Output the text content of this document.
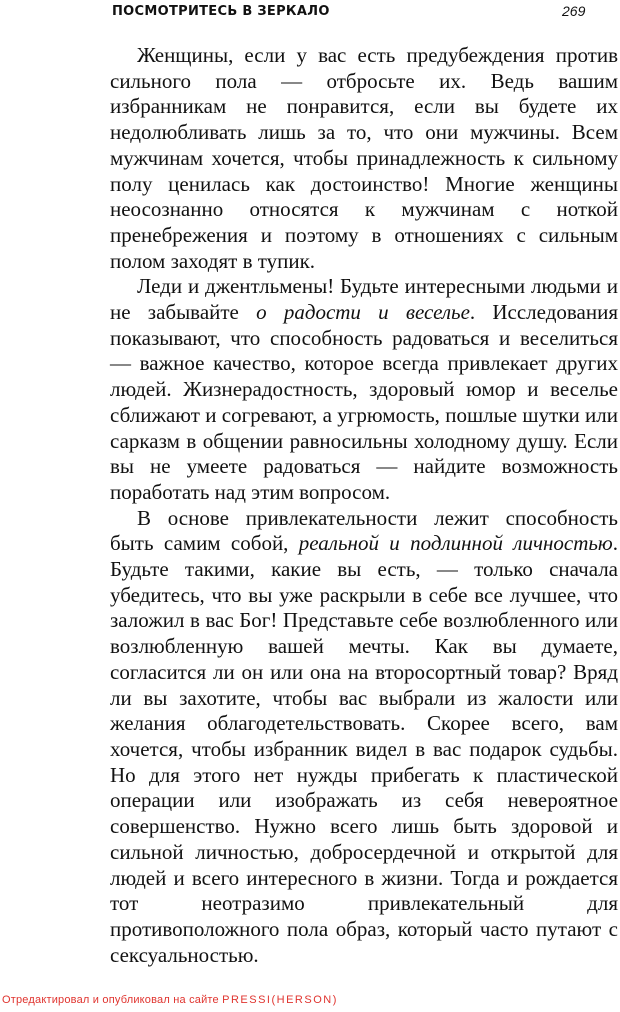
ПОСМОТРИТЕСЬ В ЗЕРКАЛО	269

Женщины, если у вас есть предубеждения против сильного пола — отбросьте их. Ведь вашим избранникам не понравится, если вы будете их недолюбливать лишь за то, что они мужчины. Всем мужчинам хочется, чтобы принадлежность к сильному полу ценилась как достоинство! Многие женщины неосознанно относятся к мужчинам с ноткой пренебрежения и поэтому в отношениях с сильным полом заходят в тупик.

Леди и джентльмены! Будьте интересными людьми и не забывайте о радости и веселье. Исследования показывают, что способность радоваться и веселиться — важное качество, которое всегда привлекает других людей. Жизнерадостность, здоровый юмор и веселье сближают и согревают, а угрюмость, пошлые шутки или сарказм в общении равносильны холодному душу. Если вы не умеете радоваться — найдите возможность поработать над этим вопросом.

В основе привлекательности лежит способность быть самим собой, реальной и подлинной личностью. Будьте такими, какие вы есть, — только сначала убедитесь, что вы уже раскрыли в себе все лучшее, что заложил в вас Бог! Представьте себе возлюбленного или возлюбленную вашей мечты. Как вы думаете, согласится ли он или она на второсортный товар? Вряд ли вы захотите, чтобы вас выбрали из жалости или желания облагодетельствовать. Скорее всего, вам хочется, чтобы избранник видел в вас подарок судьбы. Но для этого нет нужды прибегать к пластической операции или изображать из себя невероятное совершенство. Нужно всего лишь быть здоровой и сильной личностью, добросердечной и открытой для людей и всего интересного в жизни. Тогда и рождается тот неотразимо привлекательный для противоположного пола образ, который часто путают с сексуальностью.

Отредактировал и опубликовал на сайте PRESSI(HERSON)
